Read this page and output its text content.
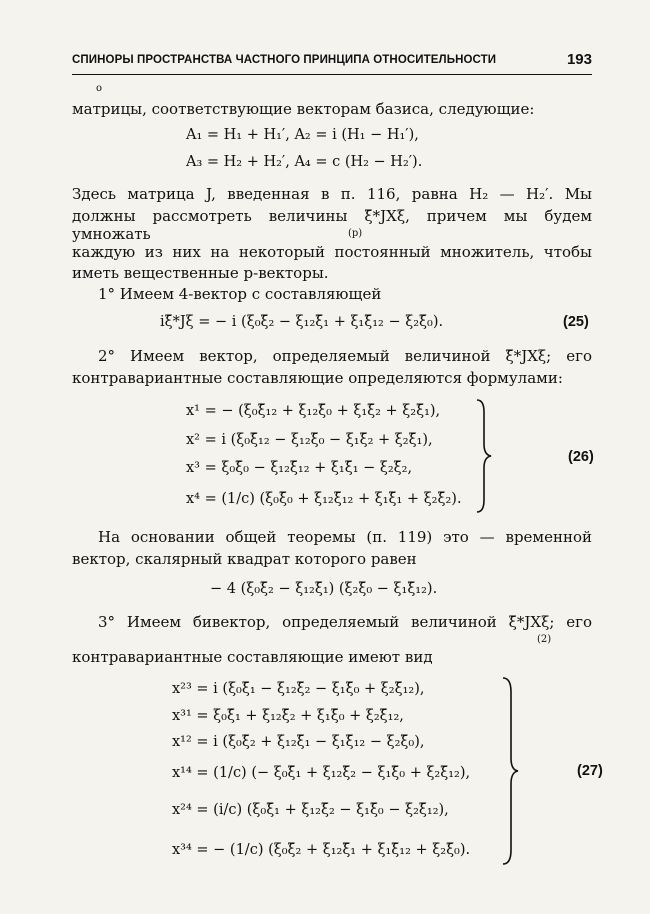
СПИНОРЫ ПРОСТРАНСТВА ЧАСТНОГО ПРИНЦИПА ОТНОСИТЕЛЬНОСТИ	193
о
матрицы, соответствующие векторам базиса, следующие:
A₁ = H₁ + H₁′, A₂ = i (H₁ − H₁′),
A₃ = H₂ + H₂′, A₄ = c (H₂ − H₂′).
Здесь матрица J, введенная в п. 116, равна H₂ — H₂′. Мы
должны рассмотреть величины ξ̄*JXξ, причем мы будем умножать	(p)
каждую из них на некоторый постоянный множитель, чтобы
иметь вещественные p-векторы.
1° Имеем 4-вектор с составляющей
iξ̄*Jξ = − i (ξ₀ξ̄₂ − ξ₁₂ξ̄₁ + ξ₁ξ̄₁₂ − ξ₂ξ̄₀).	(25)
2° Имеем вектор, определяемый величиной ξ̄*JXξ; его
контравариантные составляющие определяются формулами:
x¹ = − (ξ₀ξ̄₁₂ + ξ₁₂ξ̄₀ + ξ₁ξ̄₂ + ξ₂ξ̄₁),
x² = i (ξ₀ξ̄₁₂ − ξ₁₂ξ̄₀ − ξ₁ξ̄₂ + ξ₂ξ̄₁),
x³ = ξ₀ξ̄₀ − ξ₁₂ξ̄₁₂ + ξ₁ξ̄₁ − ξ₂ξ̄₂,
x⁴ = (1/c) (ξ₀ξ̄₀ + ξ₁₂ξ̄₁₂ + ξ₁ξ̄₁ + ξ₂ξ̄₂).
(26)
На основании общей теоремы (п. 119) это — временной
вектор, скалярный квадрат которого равен
− 4 (ξ₀ξ̄₂ − ξ₁₂ξ̄₁) (ξ₂ξ̄₀ − ξ₁ξ̄₁₂).
3° Имеем бивектор, определяемый величиной ξ̄*JXξ; его
(2)
контравариантные составляющие имеют вид
x²³ = i (ξ₀ξ̄₁ − ξ₁₂ξ̄₂ − ξ₁ξ̄₀ + ξ₂ξ̄₁₂),
x³¹ = ξ₀ξ̄₁ + ξ₁₂ξ̄₂ + ξ₁ξ̄₀ + ξ₂ξ̄₁₂,
x¹² = i (ξ₀ξ̄₂ + ξ₁₂ξ̄₁ − ξ₁ξ̄₁₂ − ξ₂ξ̄₀),
x¹⁴ = (1/c) (− ξ₀ξ̄₁ + ξ₁₂ξ̄₂ − ξ₁ξ̄₀ + ξ₂ξ̄₁₂),
x²⁴ = (i/c) (ξ₀ξ̄₁ + ξ₁₂ξ̄₂ − ξ₁ξ̄₀ − ξ₂ξ̄₁₂),
x³⁴ = − (1/c) (ξ₀ξ̄₂ + ξ₁₂ξ̄₁ + ξ₁ξ̄₁₂ + ξ₂ξ̄₀).
(27)
